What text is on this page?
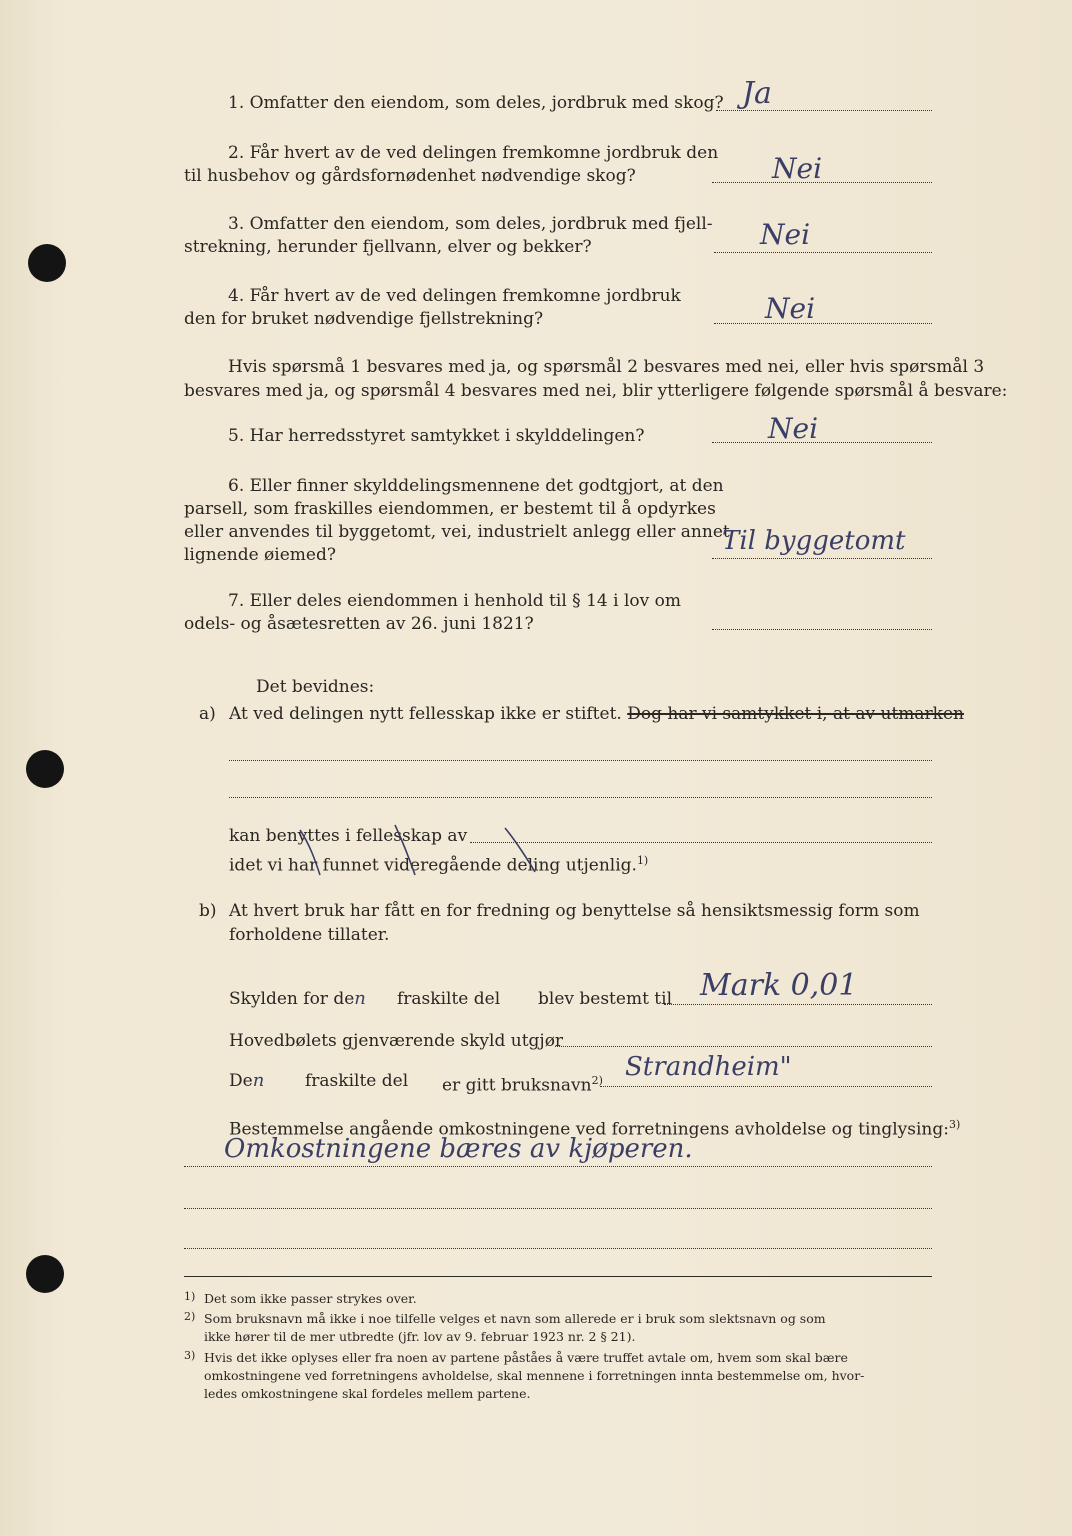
1. Omfatter den eiendom, som deles, jordbruk med skog? Ja
2. Får hvert av de ved delingen fremkomne jordbruk den
til husbehov og gårdsfornødenhet nødvendige skog?	Nei
3. Omfatter den eiendom, som deles, jordbruk med fjell-
strekning, herunder fjellvann, elver og bekker?	Nei
4. Får hvert av de ved delingen fremkomne jordbruk
den for bruket nødvendige fjellstrekning?	Nei
Hvis spørsmå 1 besvares med ja, og spørsmål 2 besvares med nei, eller hvis spørsmål 3
besvares med ja, og spørsmål 4 besvares med nei, blir ytterligere følgende spørsmål å besvare:
5. Har herredsstyret samtykket i skylddelingen?	Nei
6. Eller finner skylddelingsmennene det godtgjort, at den
parsell, som fraskilles eiendommen, er bestemt til å opdyrkes
eller anvendes til byggetomt, vei, industrielt anlegg eller annet
lignende øiemed?	Til byggetomt
7. Eller deles eiendommen i henhold til § 14 i lov om
odels- og åsætesretten av 26. juni 1821?
Det bevidnes:
a) At ved delingen nytt fellesskap ikke er stiftet. Dog har vi samtykket i, at av utmarken
kan benyttes i fellesskap av
idet vi har funnet videregående deling utjenlig.$^{1)}$
b) At hvert bruk har fått en for fredning og benyttelse så hensiktsmessig form som
forholdene tillater.
Skylden for den fraskilte del blev bestemt til Mark 0,01
Hovedbølets gjenværende skyld utgjør
Den fraskilte del er gitt bruksnavn$^{2)}$ Strandheim"
Bestemmelse angående omkostningene ved forretningens avholdelse og tinglysing:$^{3)}$
Omkostningene bæres av kjøperen.
1) Det som ikke passer strykes over.
2) Som bruksnavn må ikke i noe tilfelle velges et navn som allerede er i bruk som slektsnavn og som
ikke hører til de mer utbredte (jfr. lov av 9. februar 1923 nr. 2 § 21).
3) Hvis det ikke oplyses eller fra noen av partene påståes å være truffet avtale om, hvem som skal bære
omkostningene ved forretningens avholdelse, skal mennene i forretningen innta bestemmelse om, hvor-
ledes omkostningene skal fordeles mellem partene.
